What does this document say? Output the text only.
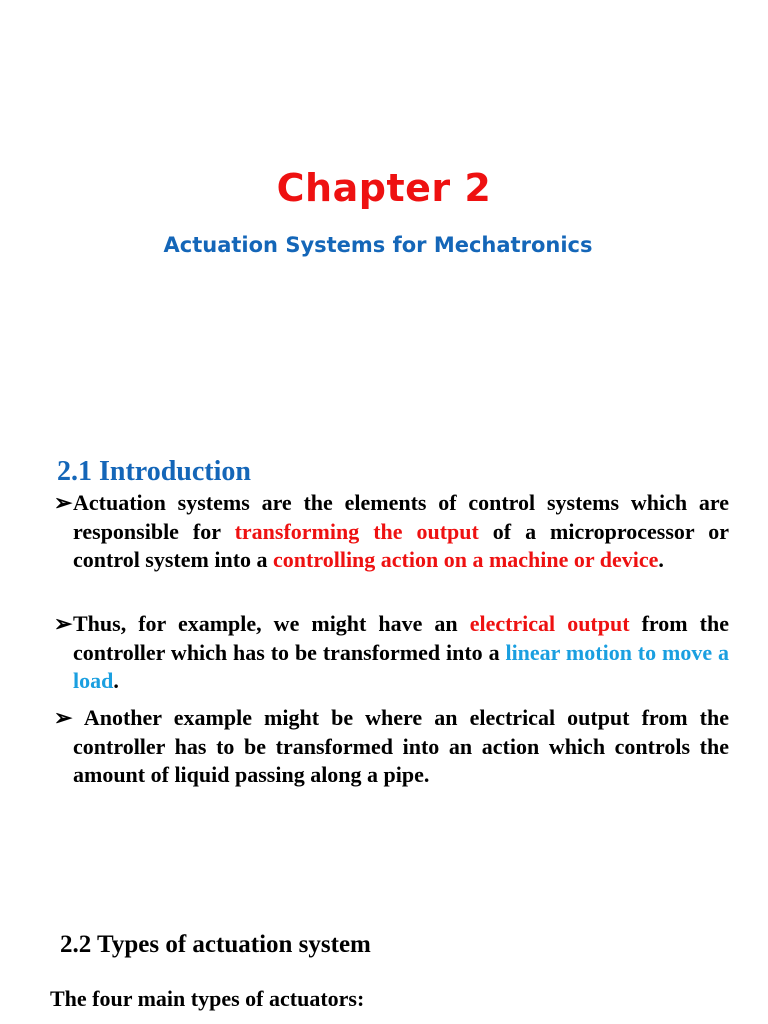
Chapter 2
Actuation Systems for Mechatronics
2.1 Introduction
➢Actuation systems are the elements of control systems which are responsible for transforming the output of a microprocessor or control system into a controlling action on a machine or device.
➢Thus, for example, we might have an electrical output from the controller which has to be transformed into a linear motion to move a load.
➢ Another example might be where an electrical output from the controller has to be transformed into an action which controls the amount of liquid passing along a pipe.
2.2 Types of actuation system
The four main types of actuators:
